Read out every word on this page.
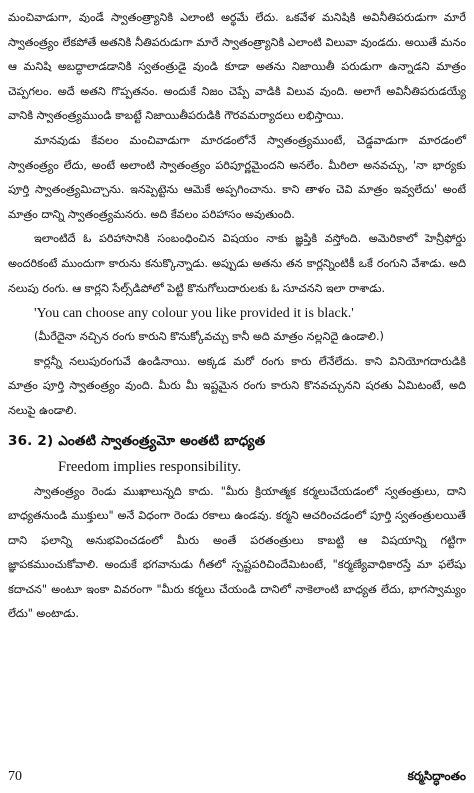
మంచివాడుగా, వుండే స్వాతంత్ర్యానికి ఎలాంటి అర్థమే లేదు. ఒకవేళ మనిషికి అవినీతిపరుడుగా మారే స్వాతంత్ర్యం లేకపోతే అతనికి నీతిపరుడుగా మారే స్వాతంత్ర్యానికి ఎలాంటి విలువా వుండదు. అయితే మనం ఆ మనిషి అబద్ధాలాడడానికి స్వతంత్రుడై వుండి కూడా అతను నిజాయితీ పరుడుగా ఉన్నాడని మాత్రం చెప్పగలం. అదే అతని గొప్పతనం. అందుకే నిజం చెప్పే వాడికి విలువ వుంది. అలాగే అవినీతిపరుడయ్యే వానికి స్వాతంత్ర్యముండి కాబట్టే నిజాయితీపరుడికి గౌరవమర్యాదలు లభిస్తాయి.

మానవుడు కేవలం మంచివాడుగా మారడంలోనే స్వాతంత్ర్యముంటే, చెడ్డవాడుగా మారడంలో స్వాతంత్ర్యం లేదు, అంటే అలాంటి స్వాతంత్ర్యం పరిపూర్ణమైందని అనలేం. మీరిలా అనవచ్చు, 'నా భార్యకు పూర్తి స్వాతంత్ర్యమిచ్చాను. ఇనప్పెట్టెను ఆమెకే అప్పగించాను. కాని తాళం చెవి మాత్రం ఇవ్వలేదు' అంటే మాత్రం దాన్ని స్వాతంత్ర్యమనరు. అది కేవలం పరిహాసం అవుతుంది.

ఇలాంటిదే ఓ పరిహాసానికి సంబంధించిన విషయం నాకు జ్ఞప్తికి వస్తోంది. అమెరికాలో హెన్రీఫోర్డు అందరికంటే ముందుగా కారును కనుక్కొన్నాడు. అప్పుడు అతను తన కార్లన్నింటికీ ఒకే రంగుని వేశాడు. అది నలుపు రంగు. ఆ కార్లని సేల్స్‌డిపోలో పెట్టి కొనుగోలుదారులకు ఓ సూచనని ఇలా రాశాడు.

'You can choose any colour you like provided it is black.'

(మీరేదైనా నచ్చిన రంగు కారుని కొనుక్కోవచ్చు కానీ అది మాత్రం నల్లనిదై ఉండాలి.)

కార్లన్నీ నలుపురంగువే ఉండినాయి. అక్కడ మరో రంగు కారు లేనేలేదు. కాని వినియోగదారుడికి మాత్రం పూర్తి స్వాతంత్ర్యం వుంది. మీరు మీ ఇష్టమైన రంగు కారుని కొనవచ్చునని షరతు ఏమిటంటే, అది నలుపై ఉండాలి.

36. 2) ఎంతటి స్వాతంత్ర్యమో అంతటి బాధ్యత

Freedom implies responsibility.

స్వాతంత్ర్యం రెండు ముఖాలున్నది కాదు. "మీరు క్రియాత్మక కర్మలుచేయడంలో స్వతంత్రులు, దాని బాధ్యతనుండి ముక్తులు" అనే విధంగా రెండు రకాలు ఉండవు. కర్మని ఆచరించడంలో పూర్తి స్వతంత్రులయితే దాని ఫలాన్ని అనుభవించడంలో మీరు అంతే పరతంత్రులు కాబట్టి ఆ విషయాన్ని గట్టిగా జ్ఞాపకముంచుకోవాలి. అందుకే భగవానుడు గీతలో స్పష్టపరిచిందేమిటంటే, "కర్మణ్యేవాధికారస్తే మా ఫలేషు కదాచన" అంటూ ఇంకా వివరంగా "మీరు కర్మలు చేయండి దానిలో నాకెలాంటి బాధ్యత లేదు, భాగస్వామ్యం లేదు" అంటాడు.

70	కర్మసిద్ధాంతం
